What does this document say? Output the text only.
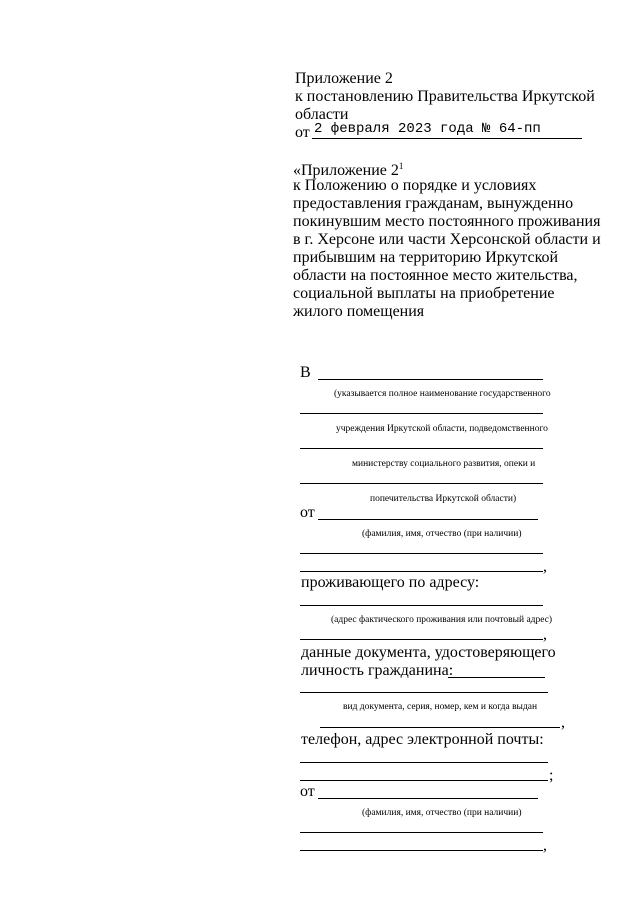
Приложение 2
к постановлению Правительства Иркутской
области
от 2 февраля 2023 года № 64-пп
«Приложение $2^1$
к Положению о порядке и условиях
предоставления гражданам, вынужденно
покинувшим место постоянного проживания
в г. Херсоне или части Херсонской области и
прибывшим на территорию Иркутской
области на постоянное место жительства,
социальной выплаты на приобретение
жилого помещения
В
(указывается полное наименование государственного
учреждения Иркутской области, подведомственного
министерству социального развития, опеки и
попечительства Иркутской области)
от
(фамилия, имя, отчество (при наличии)
,
проживающего по адресу:
(адрес фактического проживания или почтовый адрес)
,
данные документа, удостоверяющего
личность гражданина:
вид документа, серия, номер, кем и когда выдан
,
телефон, адрес электронной почты:
;
от
(фамилия, имя, отчество (при наличии)
,
